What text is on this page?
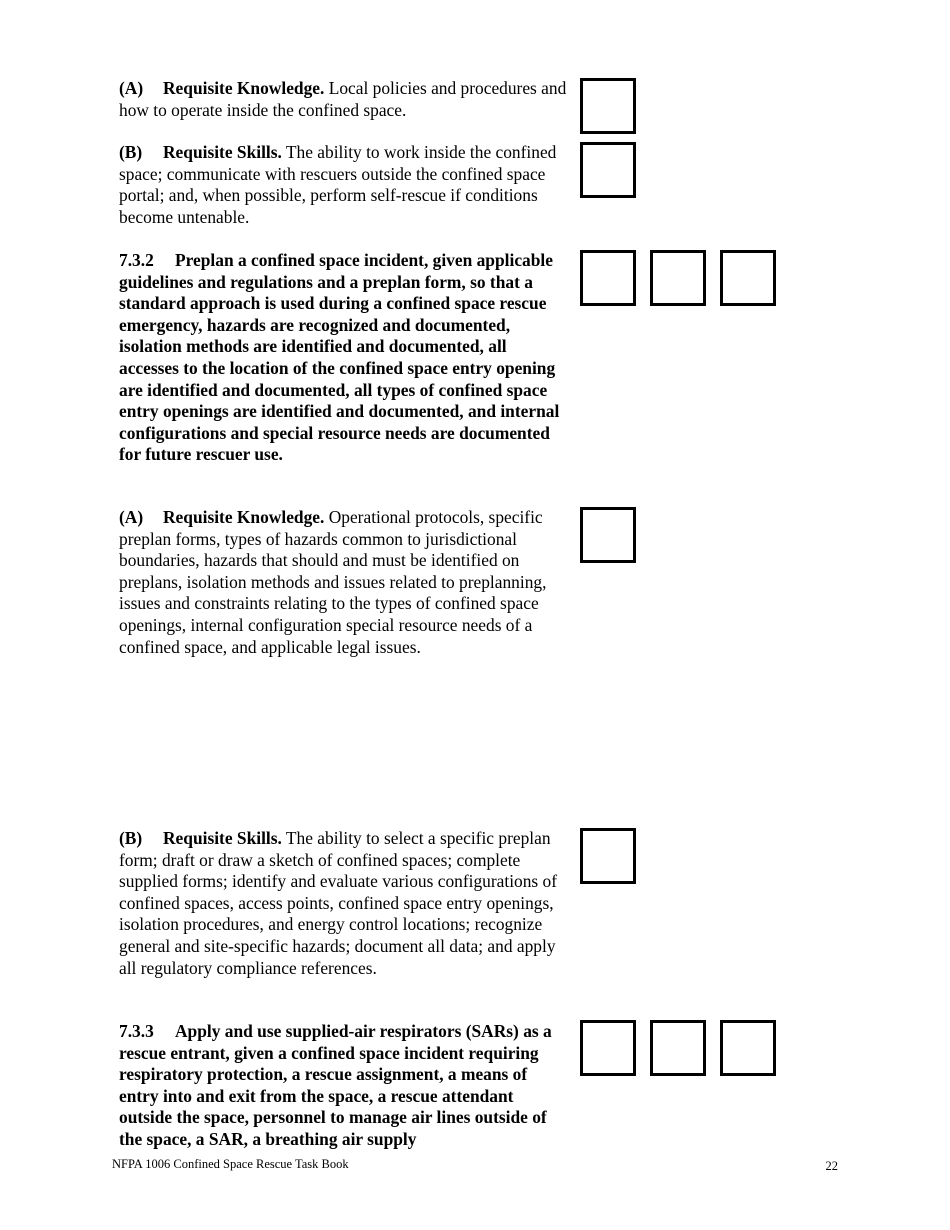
(A) Requisite Knowledge. Local policies and procedures and how to operate inside the confined space.

(B) Requisite Skills. The ability to work inside the confined space; communicate with rescuers outside the confined space portal; and, when possible, perform self-rescue if conditions become untenable.

7.3.2 Preplan a confined space incident, given applicable guidelines and regulations and a preplan form, so that a standard approach is used during a confined space rescue emergency, hazards are recognized and documented, isolation methods are identified and documented, all accesses to the location of the confined space entry opening are identified and documented, all types of confined space entry openings are identified and documented, and internal configurations and special resource needs are documented for future rescuer use.

(A) Requisite Knowledge. Operational protocols, specific preplan forms, types of hazards common to jurisdictional boundaries, hazards that should and must be identified on preplans, isolation methods and issues related to preplanning, issues and constraints relating to the types of confined space openings, internal configuration special resource needs of a confined space, and applicable legal issues.

(B) Requisite Skills. The ability to select a specific preplan form; draft or draw a sketch of confined spaces; complete supplied forms; identify and evaluate various configurations of confined spaces, access points, confined space entry openings, isolation procedures, and energy control locations; recognize general and site-specific hazards; document all data; and apply all regulatory compliance references.

7.3.3 Apply and use supplied-air respirators (SARs) as a rescue entrant, given a confined space incident requiring respiratory protection, a rescue assignment, a means of entry into and exit from the space, a rescue attendant outside the space, personnel to manage air lines outside of the space, a SAR, a breathing air supply

NFPA 1006 Confined Space Rescue Task Book	22
